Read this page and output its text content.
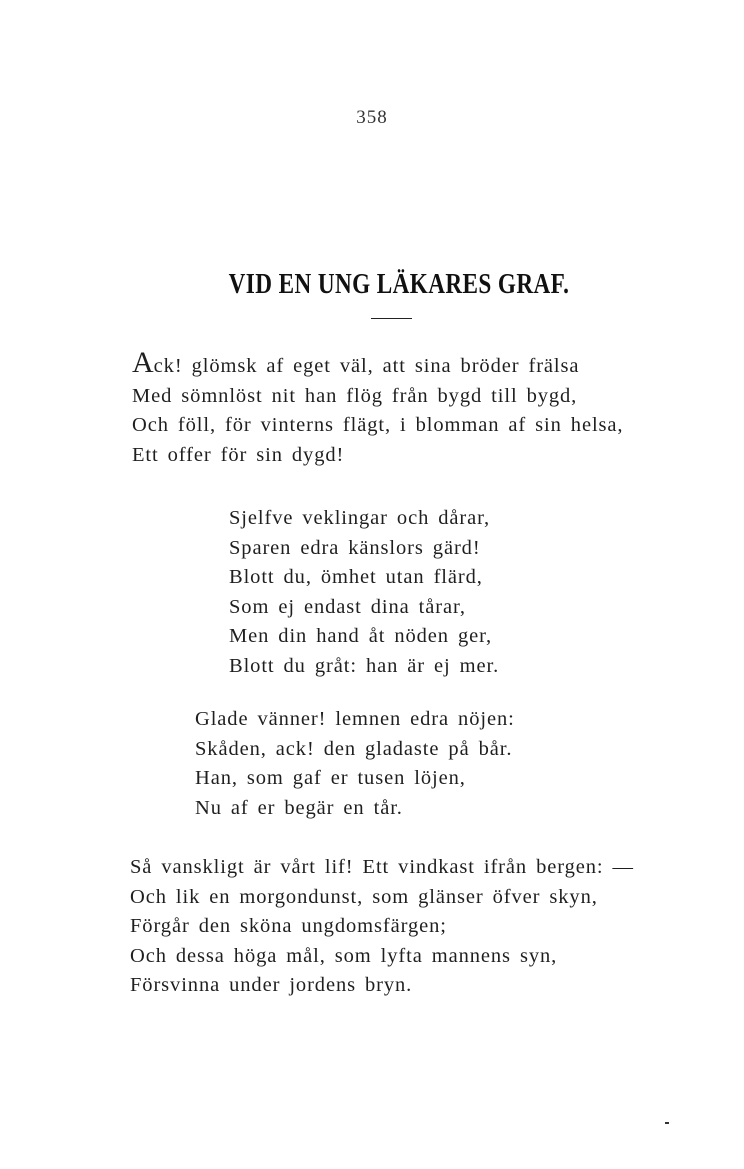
358
VID EN UNG LÄKARES GRAF.
Ack! glömsk af eget väl, att sina bröder frälsa
Med sömnlöst nit han flög från bygd till bygd,
Och föll, för vinterns flägt, i blomman af sin helsa,
Ett offer för sin dygd!
Sjelfve veklingar och dårar,
Sparen edra känslors gärd!
Blott du, ömhet utan flärd,
Som ej endast dina tårar,
Men din hand åt nöden ger,
Blott du gråt: han är ej mer.
Glade vänner! lemnen edra nöjen:
Skåden, ack! den gladaste på bår.
Han, som gaf er tusen löjen,
Nu af er begär en tår.
Så vanskligt är vårt lif! Ett vindkast ifrån bergen: —
Och lik en morgondunst, som glänser öfver skyn,
Förgår den sköna ungdomsfärgen;
Och dessa höga mål, som lyfta mannens syn,
Försvinna under jordens bryn.
